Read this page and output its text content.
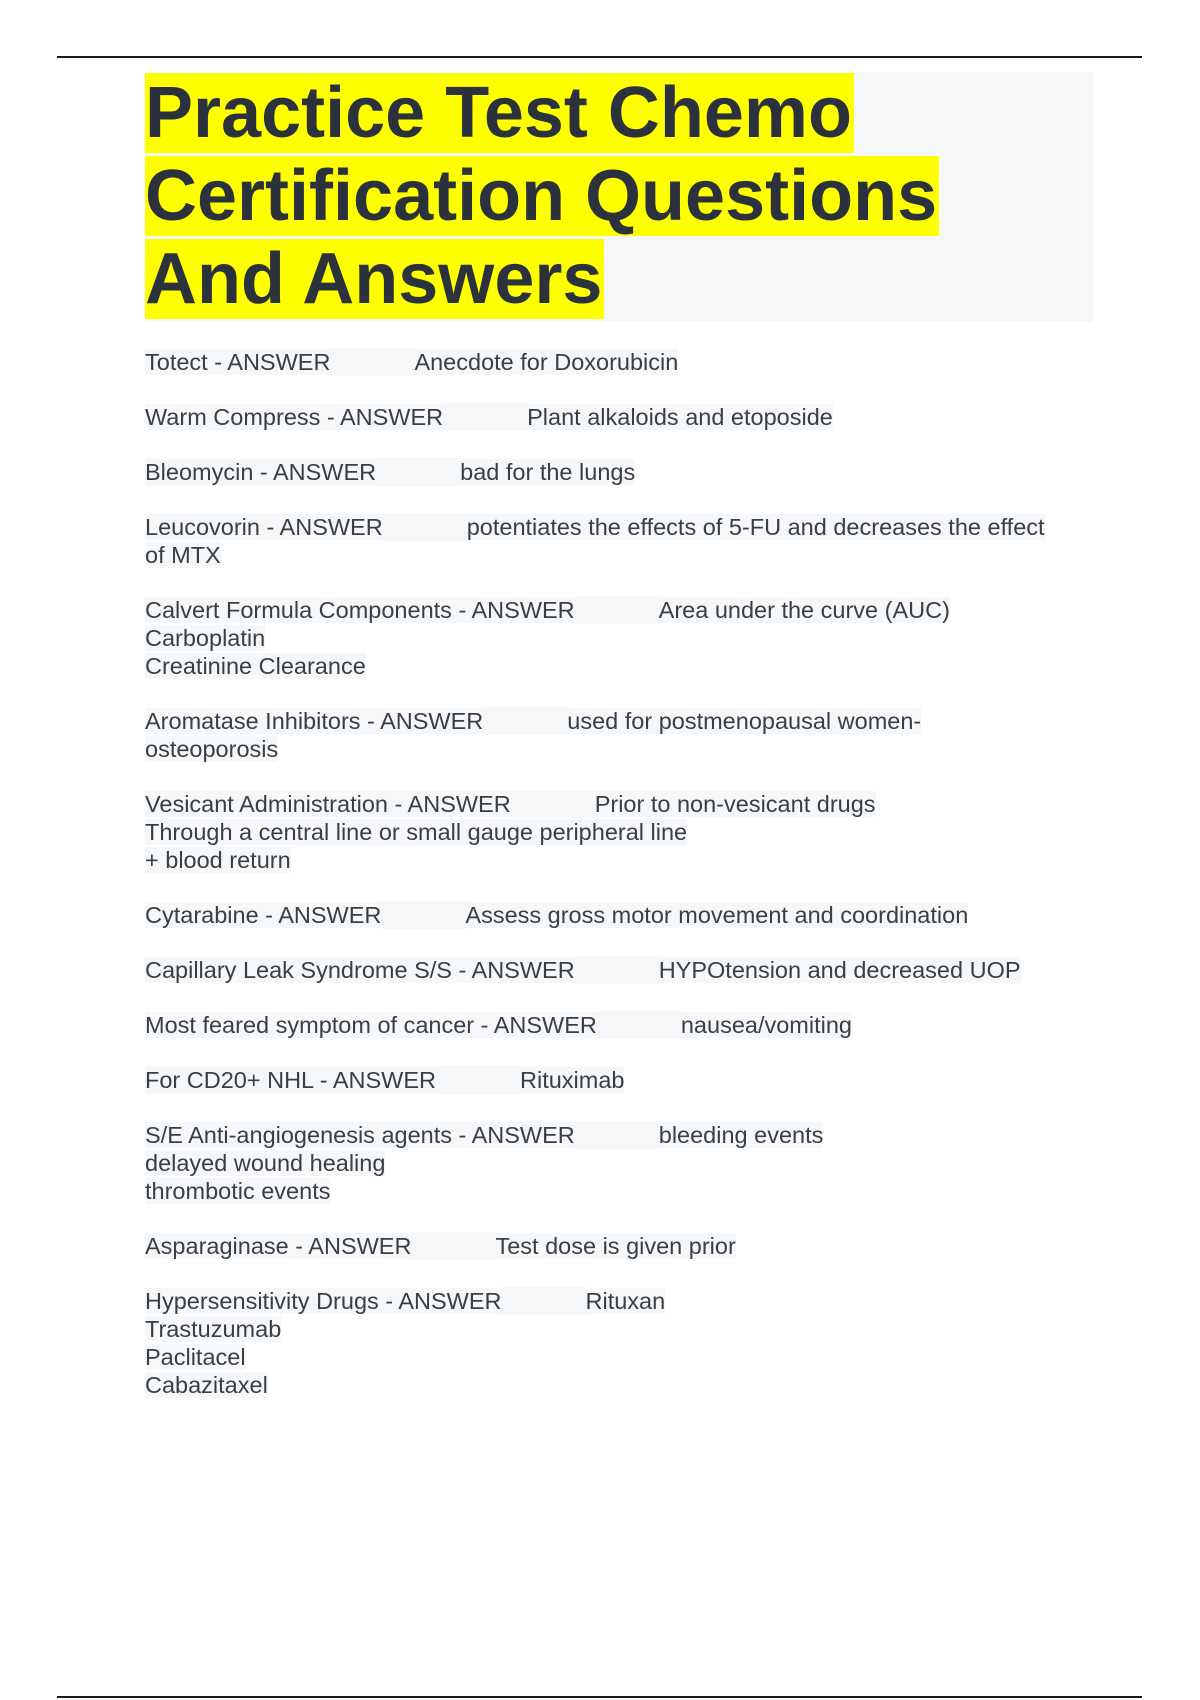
Practice Test Chemo
Certification Questions
And Answers

Totect - ANSWER	Anecdote for Doxorubicin

Warm Compress - ANSWER	Plant alkaloids and etoposide

Bleomycin - ANSWER	bad for the lungs

Leucovorin - ANSWER	potentiates the effects of 5-FU and decreases the effect
of MTX

Calvert Formula Components - ANSWER	Area under the curve (AUC)
Carboplatin
Creatinine Clearance

Aromatase Inhibitors - ANSWER	used for postmenopausal women-
osteoporosis

Vesicant Administration - ANSWER	Prior to non-vesicant drugs
Through a central line or small gauge peripheral line
+ blood return

Cytarabine - ANSWER	Assess gross motor movement and coordination

Capillary Leak Syndrome S/S - ANSWER	HYPOtension and decreased UOP

Most feared symptom of cancer - ANSWER	nausea/vomiting

For CD20+ NHL - ANSWER	Rituximab

S/E Anti-angiogenesis agents - ANSWER	bleeding events
delayed wound healing
thrombotic events

Asparaginase - ANSWER	Test dose is given prior

Hypersensitivity Drugs - ANSWER	Rituxan
Trastuzumab
Paclitacel
Cabazitaxel
